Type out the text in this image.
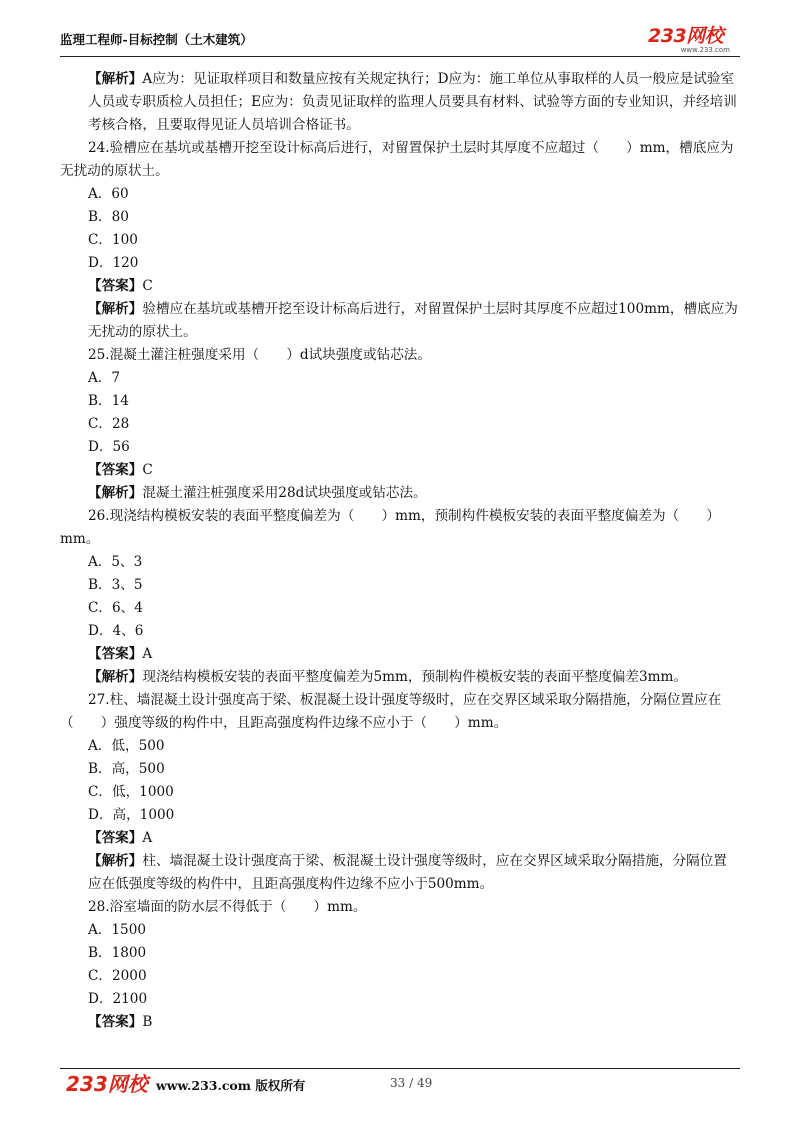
监理工程师-目标控制（土木建筑）	233网校
www.233.com

【解析】A应为：见证取样项目和数量应按有关规定执行；D应为：施工单位从事取样的人员一般应是试验室人员或专职质检人员担任；E应为：负责见证取样的监理人员要具有材料、试验等方面的专业知识，并经培训考核合格，且要取得见证人员培训合格证书。

24.验槽应在基坑或基槽开挖至设计标高后进行，对留置保护土层时其厚度不应超过（　　）mm，槽底应为无扰动的原状土。

A．60

B．80

C．100

D．120

【答案】C

【解析】验槽应在基坑或基槽开挖至设计标高后进行，对留置保护土层时其厚度不应超过100mm，槽底应为无扰动的原状土。

25.混凝土灌注桩强度采用（　　）d试块强度或钻芯法。

A．7

B．14

C．28

D．56

【答案】C

【解析】混凝土灌注桩强度采用28d试块强度或钻芯法。

26.现浇结构模板安装的表面平整度偏差为（　　）mm，预制构件模板安装的表面平整度偏差为（　　）mm。

A．5、3

B．3、5

C．6、4

D．4、6

【答案】A

【解析】现浇结构模板安装的表面平整度偏差为5mm，预制构件模板安装的表面平整度偏差3mm。

27.柱、墙混凝土设计强度高于梁、板混凝土设计强度等级时，应在交界区域采取分隔措施，分隔位置应在（　　）强度等级的构件中，且距高强度构件边缘不应小于（　　）mm。

A．低，500

B．高，500

C．低，1000

D．高，1000

【答案】A

【解析】柱、墙混凝土设计强度高于梁、板混凝土设计强度等级时，应在交界区域采取分隔措施，分隔位置应在低强度等级的构件中，且距高强度构件边缘不应小于500mm。

28.浴室墙面的防水层不得低于（　　）mm。

A．1500

B．1800

C．2000

D．2100

【答案】B

233网校 www.233.com 版权所有	33 / 49
